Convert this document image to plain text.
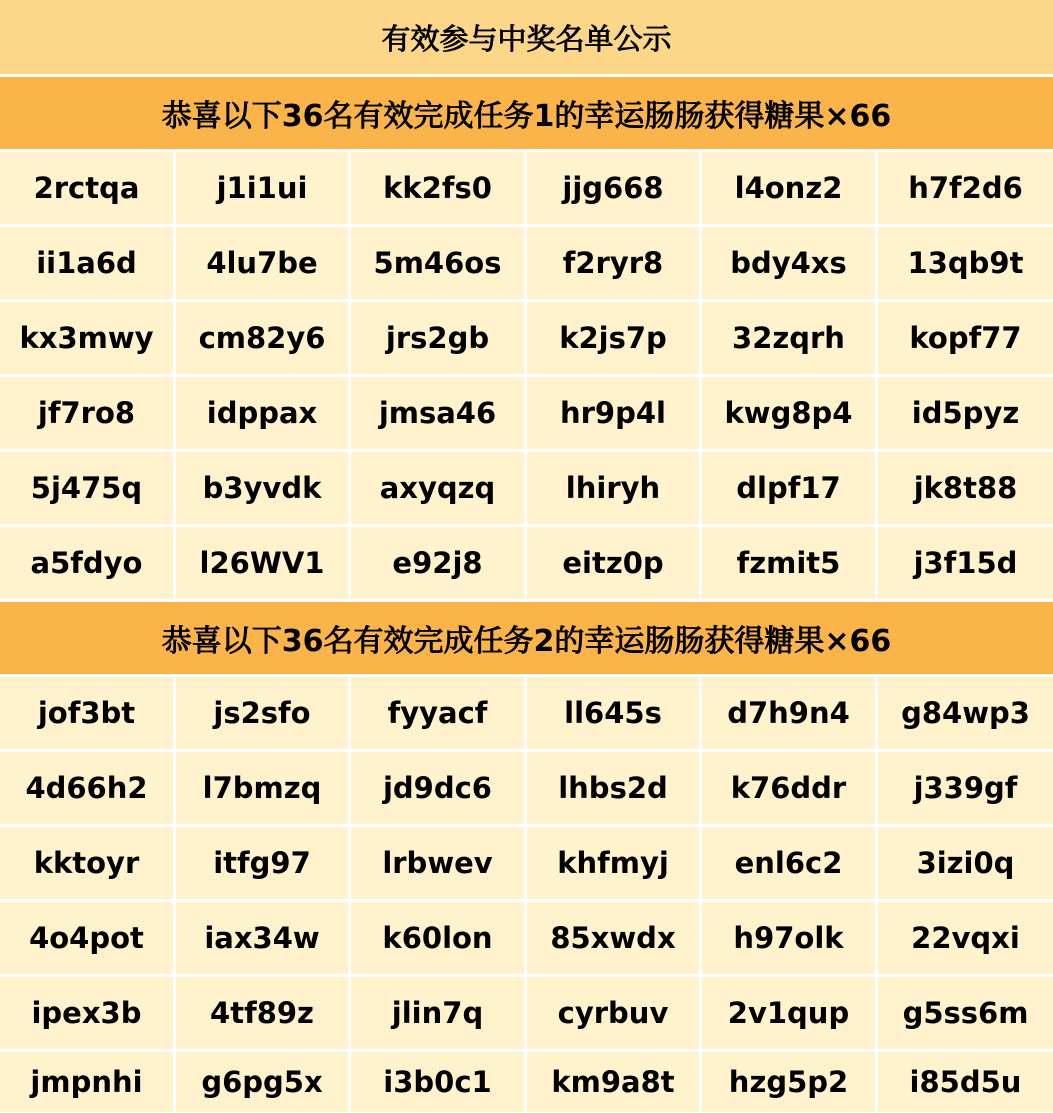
有效参与中奖名单公示
恭喜以下36名有效完成任务1的幸运肠肠获得糖果×66
2rctqa	j1i1ui	kk2fs0	jjg668	l4onz2	h7f2d6
ii1a6d	4lu7be	5m46os	f2ryr8	bdy4xs	13qb9t
kx3mwy	cm82y6	jrs2gb	k2js7p	32zqrh	kopf77
jf7ro8	idppax	jmsa46	hr9p4l	kwg8p4	id5pyz
5j475q	b3yvdk	axyqzq	lhiryh	dlpf17	jk8t88
a5fdyo	l26WV1	e92j8	eitz0p	fzmit5	j3f15d
恭喜以下36名有效完成任务2的幸运肠肠获得糖果×66
jof3bt	js2sfo	fyyacf	ll645s	d7h9n4	g84wp3
4d66h2	l7bmzq	jd9dc6	lhbs2d	k76ddr	j339gf
kktoyr	itfg97	lrbwev	khfmyj	enl6c2	3izi0q
4o4pot	iax34w	k60lon	85xwdx	h97olk	22vqxi
ipex3b	4tf89z	jlin7q	cyrbuv	2v1qup	g5ss6m
jmpnhi	g6pg5x	i3b0c1	km9a8t	hzg5p2	i85d5u
